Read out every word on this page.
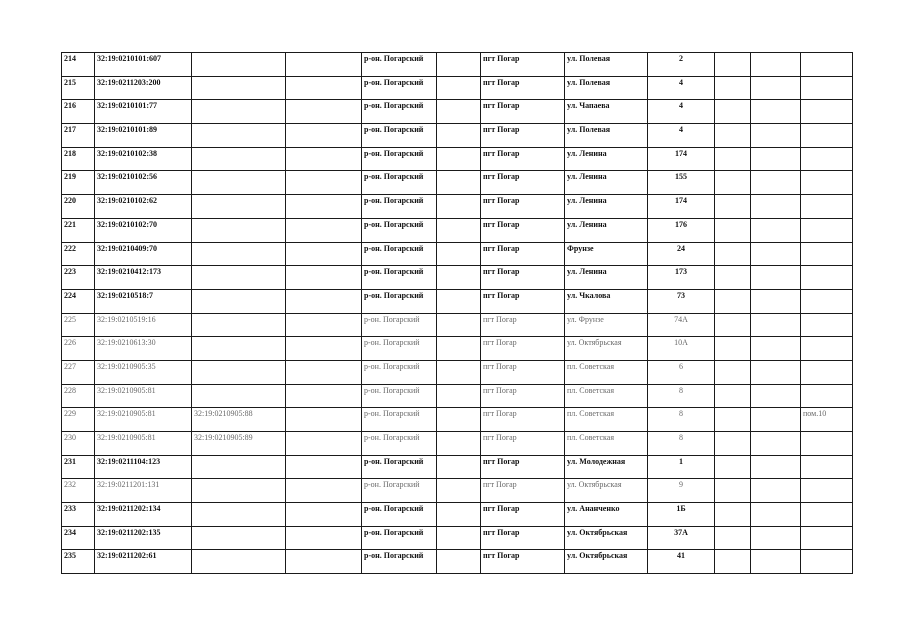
214	32:19:0210101:607			р-он. Погарский		пгт Погар	ул. Полевая	2			
215	32:19:0211203:200			р-он. Погарский		пгт Погар	ул. Полевая	4			
216	32:19:0210101:77			р-он. Погарский		пгт Погар	ул. Чапаева	4			
217	32:19:0210101:89			р-он. Погарский		пгт Погар	ул. Полевая	4			
218	32:19:0210102:38			р-он. Погарский		пгт Погар	ул. Ленина	174			
219	32:19:0210102:56			р-он. Погарский		пгт Погар	ул. Ленина	155			
220	32:19:0210102:62			р-он. Погарский		пгт Погар	ул. Ленина	174			
221	32:19:0210102:70			р-он. Погарский		пгт Погар	ул. Ленина	176			
222	32:19:0210409:70			р-он. Погарский		пгт Погар	Фрунзе	24			
223	32:19:0210412:173			р-он. Погарский		пгт Погар	ул. Ленина	173			
224	32:19:0210518:7			р-он. Погарский		пгт Погар	ул. Чкалова	73			
225	32:19:0210519:16			р-он. Погарский		пгт Погар	ул. Фрунзе	74А			
226	32:19:0210613:30			р-он. Погарский		пгт Погар	ул. Октябрьская	10А			
227	32:19:0210905:35			р-он. Погарский		пгт Погар	пл. Советская	6			
228	32:19:0210905:81			р-он. Погарский		пгт Погар	пл. Советская	8			
229	32:19:0210905:81	32:19:0210905:88		р-он. Погарский		пгт Погар	пл. Советская	8			пом.10
230	32:19:0210905:81	32:19:0210905:89		р-он. Погарский		пгт Погар	пл. Советская	8			
231	32:19:0211104:123			р-он. Погарский		пгт Погар	ул. Молодежная	1			
232	32:19:0211201:131			р-он. Погарский		пгт Погар	ул. Октябрьская	9			
233	32:19:0211202:134			р-он. Погарский		пгт Погар	ул. Ананченко	1Б			
234	32:19:0211202:135			р-он. Погарский		пгт Погар	ул. Октябрьская	37А			
235	32:19:0211202:61			р-он. Погарский		пгт Погар	ул. Октябрьская	41			
